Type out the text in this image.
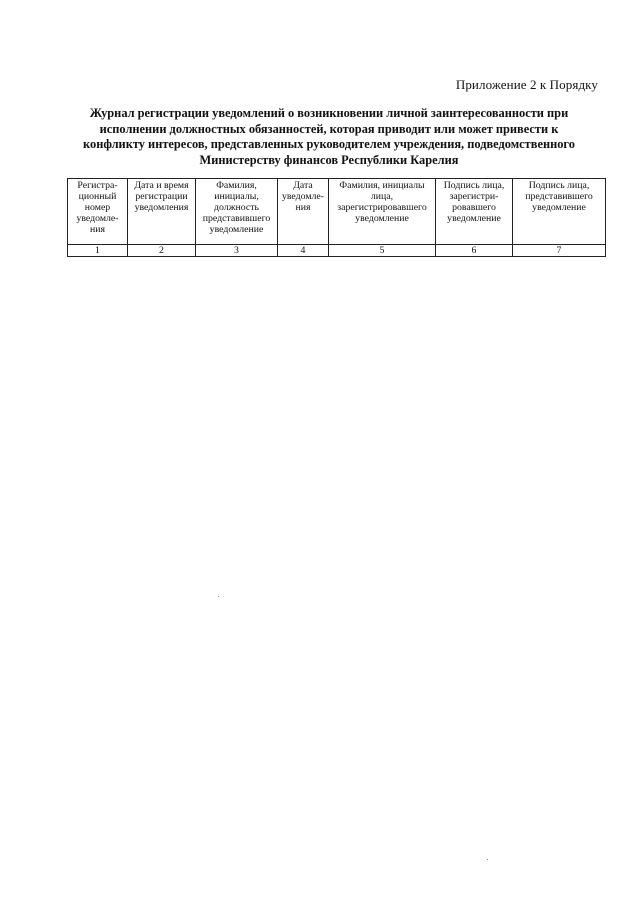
Приложение 2 к Порядку
Журнал регистрации уведомлений о возникновении личной заинтересованности при
исполнении должностных обязанностей, которая приводит или может привести к
конфликту интересов, представленных руководителем учреждения, подведомственного
Министерству финансов Республики Карелия
Регистра-
ционный
номер
уведомле-
ния	Дата и время
регистрации
уведомления	Фамилия,
инициалы,
должность
представившего
уведомление	Дата
уведомле-
ния	Фамилия, инициалы
лица,
зарегистрировавшего
уведомление	Подпись лица,
зарегистри-
ровавшего
уведомление	Подпись лица,
представившего
уведомление

1	2	3	4	5	6	7
